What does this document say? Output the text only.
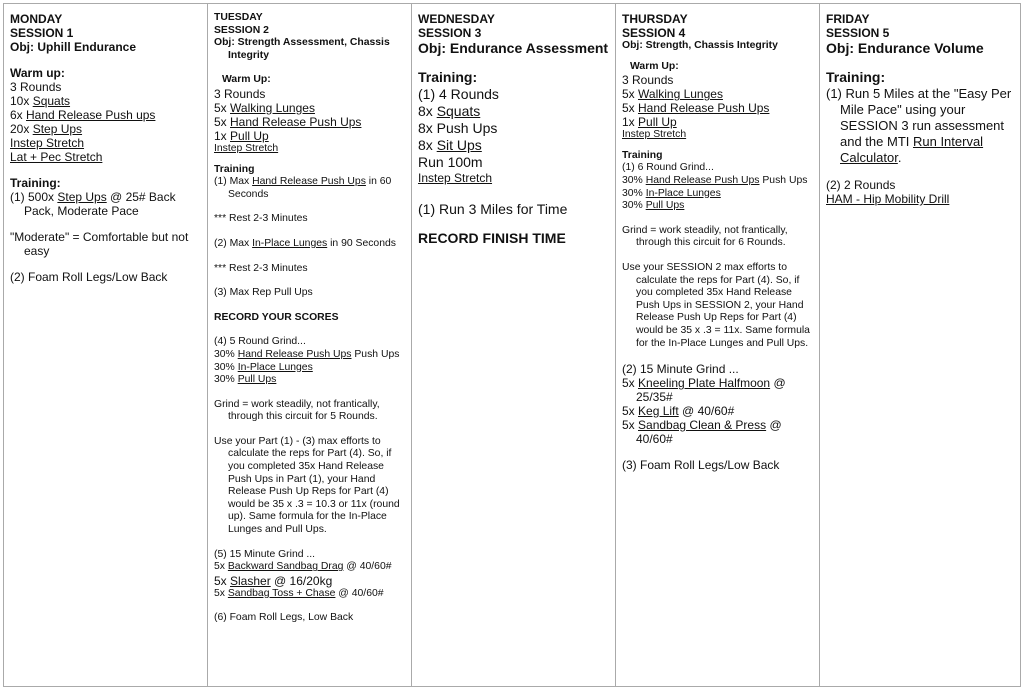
MONDAY
SESSION 1
Obj: Uphill Endurance
Warm up:
3 Rounds
10x Squats
6x Hand Release Push ups
20x Step Ups
Instep Stretch
Lat + Pec Stretch
Training:
(1) 500x Step Ups @ 25# Back Pack, Moderate Pace
"Moderate" = Comfortable but not easy
(2) Foam Roll Legs/Low Back
TUESDAY
SESSION 2
Obj: Strength Assessment, Chassis Integrity
Warm Up:
3 Rounds
5x Walking Lunges
5x Hand Release Push Ups
1x Pull Up
Instep Stretch
Training
(1) Max Hand Release Push Ups in 60 Seconds
*** Rest 2-3 Minutes
(2) Max In-Place Lunges in 90 Seconds
*** Rest 2-3 Minutes
(3) Max Rep Pull Ups
RECORD YOUR SCORES
(4) 5 Round Grind...
30% Hand Release Push Ups Push Ups
30% In-Place Lunges
30% Pull Ups
Grind = work steadily, not frantically, through this circuit for 5 Rounds.
Use your Part (1) - (3) max efforts to calculate the reps for Part (4). So, if you completed 35x Hand Release Push Ups in Part (1), your Hand Release Push Up Reps for Part (4) would be 35 x .3 = 10.3 or 11x (round up). Same formula for the In-Place Lunges and Pull Ups.
(5) 15 Minute Grind ...
5x Backward Sandbag Drag @ 40/60#
5x Slasher @ 16/20kg
5x Sandbag Toss + Chase @ 40/60#
(6) Foam Roll Legs, Low Back
WEDNESDAY
SESSION 3
Obj: Endurance Assessment
Training:
(1) 4 Rounds
8x Squats
8x Push Ups
8x Sit Ups
Run 100m
Instep Stretch
(1) Run 3 Miles for Time
RECORD FINISH TIME
THURSDAY
SESSION 4
Obj: Strength, Chassis Integrity
Warm Up:
3 Rounds
5x Walking Lunges
5x Hand Release Push Ups
1x Pull Up
Instep Stretch
Training
(1) 6 Round Grind...
30% Hand Release Push Ups Push Ups
30% In-Place Lunges
30% Pull Ups
Grind = work steadily, not frantically, through this circuit for 6 Rounds.
Use your SESSION 2 max efforts to calculate the reps for Part (4). So, if you completed 35x Hand Release Push Ups in SESSION 2, your Hand Release Push Up Reps for Part (4) would be 35 x .3 = 11x. Same formula for the In-Place Lunges and Pull Ups.
(2) 15 Minute Grind ...
5x Kneeling Plate Halfmoon @ 25/35#
5x Keg Lift @ 40/60#
5x Sandbag Clean & Press @ 40/60#
(3) Foam Roll Legs/Low Back
FRIDAY
SESSION 5
Obj: Endurance Volume
Training:
(1) Run 5 Miles at the "Easy Per Mile Pace" using your SESSION 3 run assessment and the MTI Run Interval Calculator.
(2) 2 Rounds
HAM - Hip Mobility Drill
